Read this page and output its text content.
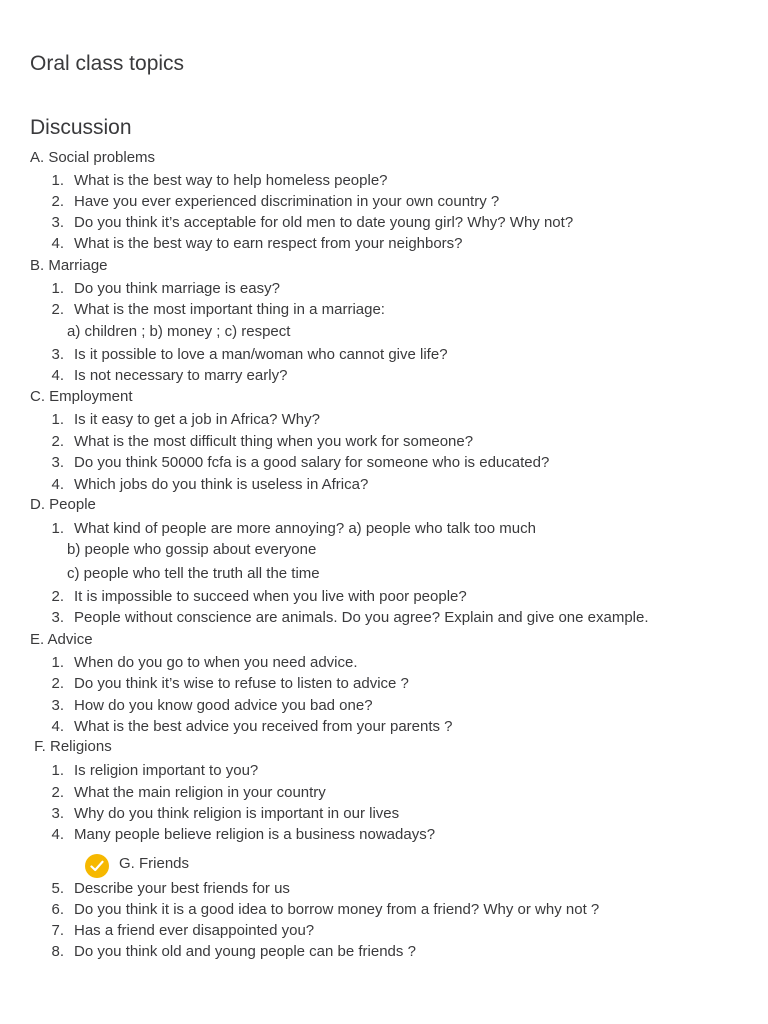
Oral class topics
Discussion
A. Social problems
1. What is the best way to help homeless people?
2. Have you ever experienced discrimination in your own country ?
3. Do you think it’s acceptable for old men to date young girl? Why? Why not?
4. What is the best way to earn respect from your neighbors?
B. Marriage
1. Do you think marriage is easy?
2. What is the most important thing in a marriage:
a) children ; b) money ; c) respect
3. Is it possible to love a man/woman who cannot give life?
4. Is not necessary to marry early?
C. Employment
1. Is it easy to get a job in Africa? Why?
2. What is the most difficult thing when you work for someone?
3. Do you think 50000 fcfa is a good salary for someone who is educated?
4. Which jobs do you think is useless in Africa?
D. People
1. What kind of people are more annoying? a) people who talk too much
b) people who gossip about everyone
c) people who tell the truth all the time
2. It is impossible to succeed when you live with poor people?
3. People without conscience are animals. Do you agree? Explain and give one example.
E. Advice
1. When do you go to when you need advice.
2. Do you think it’s wise to refuse to listen to advice ?
3. How do you know good advice you bad one?
4. What is the best advice you received from your parents ?
F. Religions
1. Is religion important to you?
2. What the main religion in your country
3. Why do you think religion is important in our lives
4. Many people believe religion is a business nowadays?
G. Friends
5. Describe your best friends for us
6. Do you think it is a good idea to borrow money from a friend? Why or why not ?
7. Has a friend ever disappointed you?
8. Do you think old and young people can be friends ?
